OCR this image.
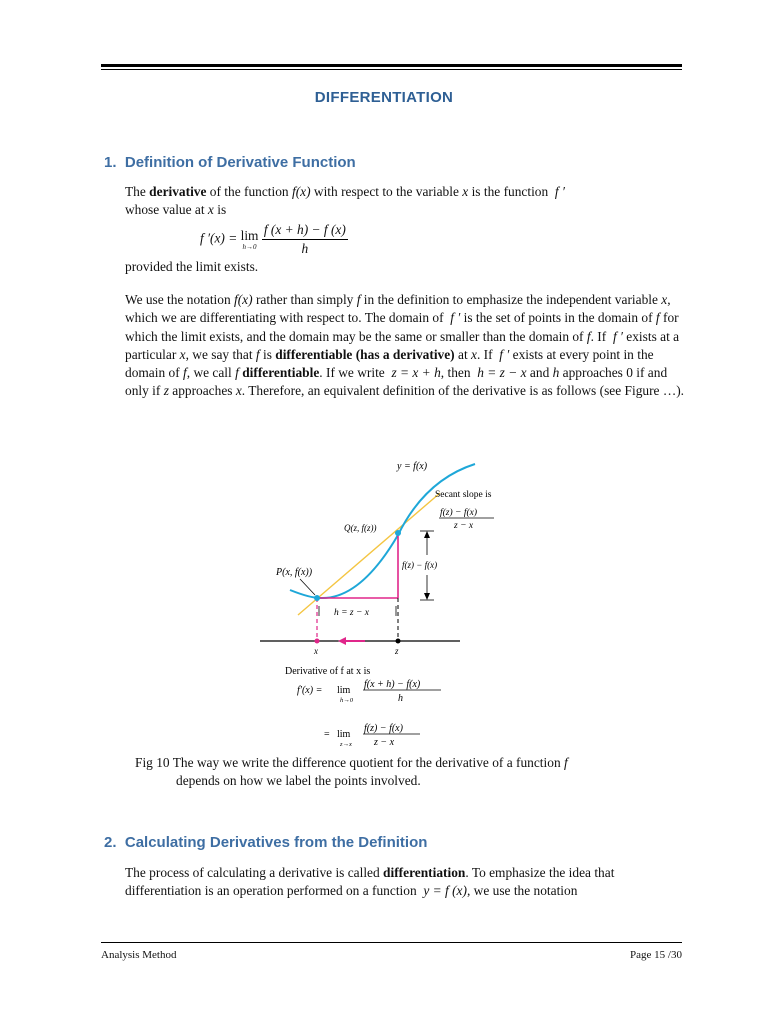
DIFFERENTIATION
1. Definition of Derivative Function
The derivative of the function f(x) with respect to the variable x is the function  f ′
whose value at x is
f ′(x) = lim
h→0
$\frac{f (x + h) - f (x)}{h}$
provided the limit exists.
We use the notation f(x) rather than simply f in the definition to emphasize the independent variable x, which we are differentiating with respect to. The domain of  f ′ is the set of points in the domain of f for which the limit exists, and the domain may be the same or smaller than the domain of f. If  f ′ exists at a particular x, we say that f is differentiable (has a derivative) at x. If  f ′ exists at every point in the domain of f, we call f differentiable. If we write  z = x + h, then  h = z − x and h approaches 0 if and only if z approaches x. Therefore, an equivalent definition of the derivative is as follows (see Figure …).
y = f(x)
Secant slope is
f(z) − f(x)
z − x
Q(z, f(z))
P(x, f(x))
f(z) − f(x)
h = z − x
x	z
Derivative of f at x is
f′(x) = lim
h→0
f(x + h) − f(x)
h
= lim
z→x
f(z) − f(x)
z − x
Fig 10 The way we write the difference quotient for the derivative of a function f
depends on how we label the points involved.
2. Calculating Derivatives from the Definition
The process of calculating a derivative is called differentiation. To emphasize the idea that differentiation is an operation performed on a function  y = f (x), we use the notation
Analysis Method	Page 15 /30
